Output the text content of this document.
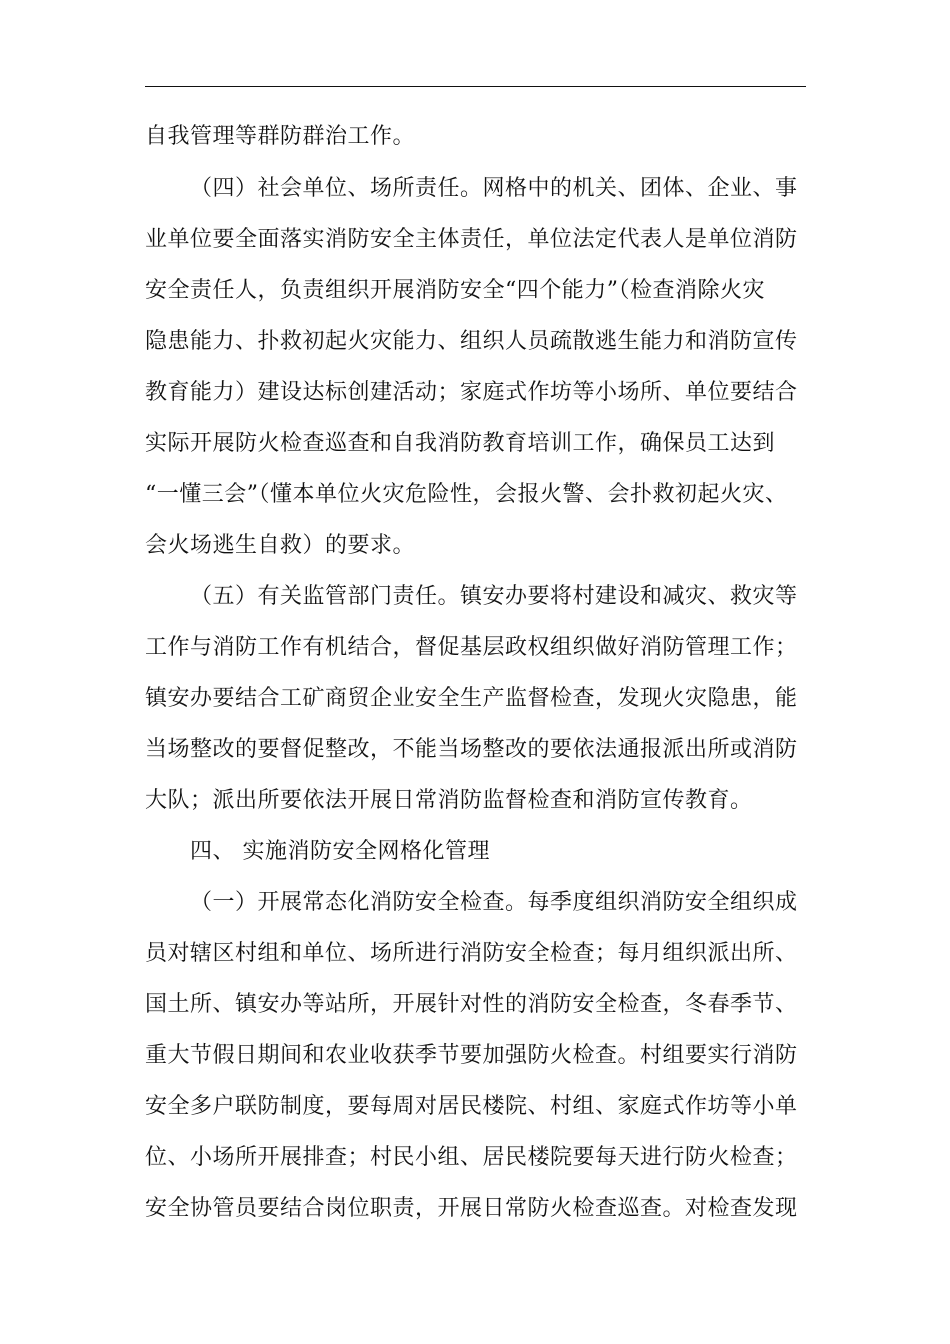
自我管理等群防群治工作。
（四）社会单位、场所责任。网格中的机关、团体、企业、事
业单位要全面落实消防安全主体责任，单位法定代表人是单位消防
安全责任人，负责组织开展消防安全“四个能力”（检查消除火灾
隐患能力、扑救初起火灾能力、组织人员疏散逃生能力和消防宣传
教育能力）建设达标创建活动；家庭式作坊等小场所、单位要结合
实际开展防火检查巡查和自我消防教育培训工作，确保员工达到
“一懂三会”（懂本单位火灾危险性，会报火警、会扑救初起火灾、
会火场逃生自救）的要求。
（五）有关监管部门责任。镇安办要将村建设和减灾、救灾等
工作与消防工作有机结合，督促基层政权组织做好消防管理工作；
镇安办要结合工矿商贸企业安全生产监督检查，发现火灾隐患，能
当场整改的要督促整改，不能当场整改的要依法通报派出所或消防
大队；派出所要依法开展日常消防监督检查和消防宣传教育。
四、 实施消防安全网格化管理
（一）开展常态化消防安全检查。每季度组织消防安全组织成
员对辖区村组和单位、场所进行消防安全检查；每月组织派出所、
国土所、镇安办等站所，开展针对性的消防安全检查，冬春季节、
重大节假日期间和农业收获季节要加强防火检查。村组要实行消防
安全多户联防制度，要每周对居民楼院、村组、家庭式作坊等小单
位、小场所开展排查；村民小组、居民楼院要每天进行防火检查；
安全协管员要结合岗位职责，开展日常防火检查巡查。对检查发现
